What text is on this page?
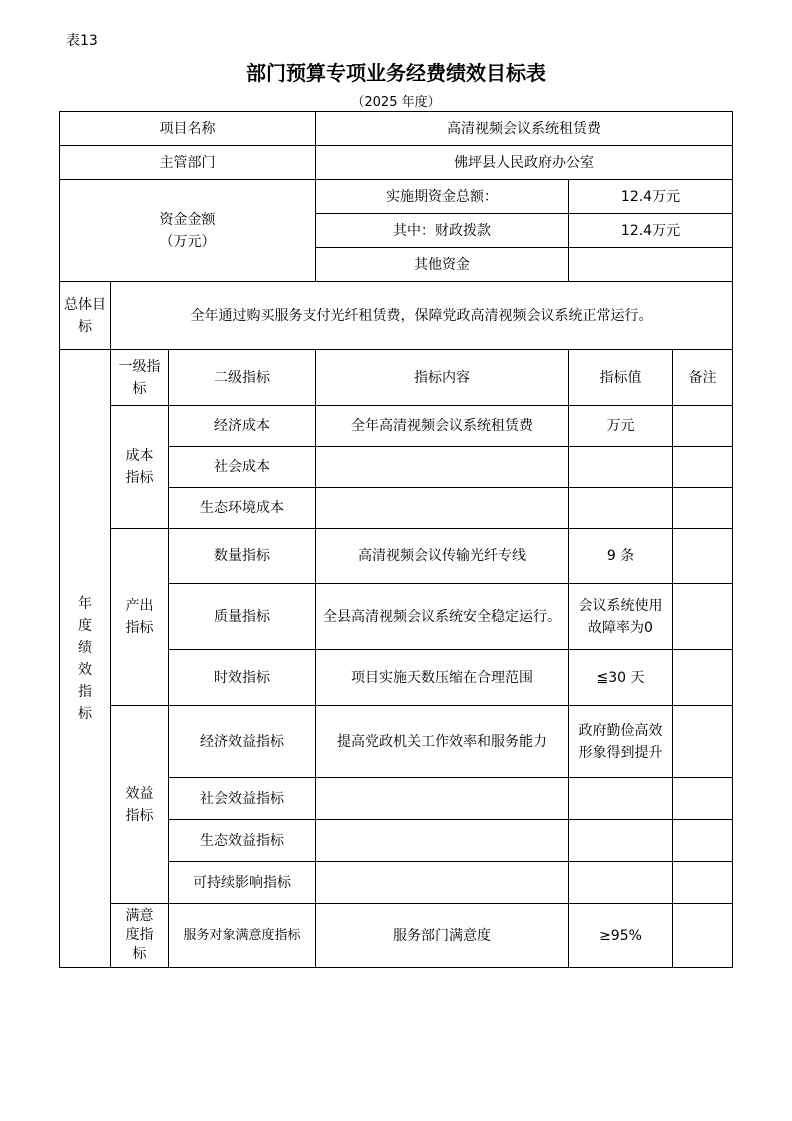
表13
部门预算专项业务经费绩效目标表
（2025 年度）
项目名称			高清视频会议系统租赁费		
主管部门			佛坪县人民政府办公室		

资金金额
（万元）			实施期资金总额：	12.4万元	
			其中：财政拨款	12.4万元	
			其他资金		
总体目标	全年通过购买服务支付光纤租赁费，保障党政高清视频会议系统正常运行。				

年度绩效指标	一级指标	二级指标	指标内容	指标值	备注

	成本指标	经济成本	全年高清视频会议系统租赁费	万元	
		社会成本			
		生态环境成本			

	产出指标	数量指标	高清视频会议传输光纤专线	9 条	
		质量指标	全县高清视频会议系统安全稳定运行。	会议系统使用故障率为0	

		时效指标	项目实施天数压缩在合理范围	≦30 天	

	效益指标	经济效益指标	提高党政机关工作效率和服务能力	政府勤俭高效形象得到提升	

		社会效益指标			
		生态效益指标			
		可持续影响指标			

	满意度指标	服务对象满意度指标	服务部门满意度	≥95%	
